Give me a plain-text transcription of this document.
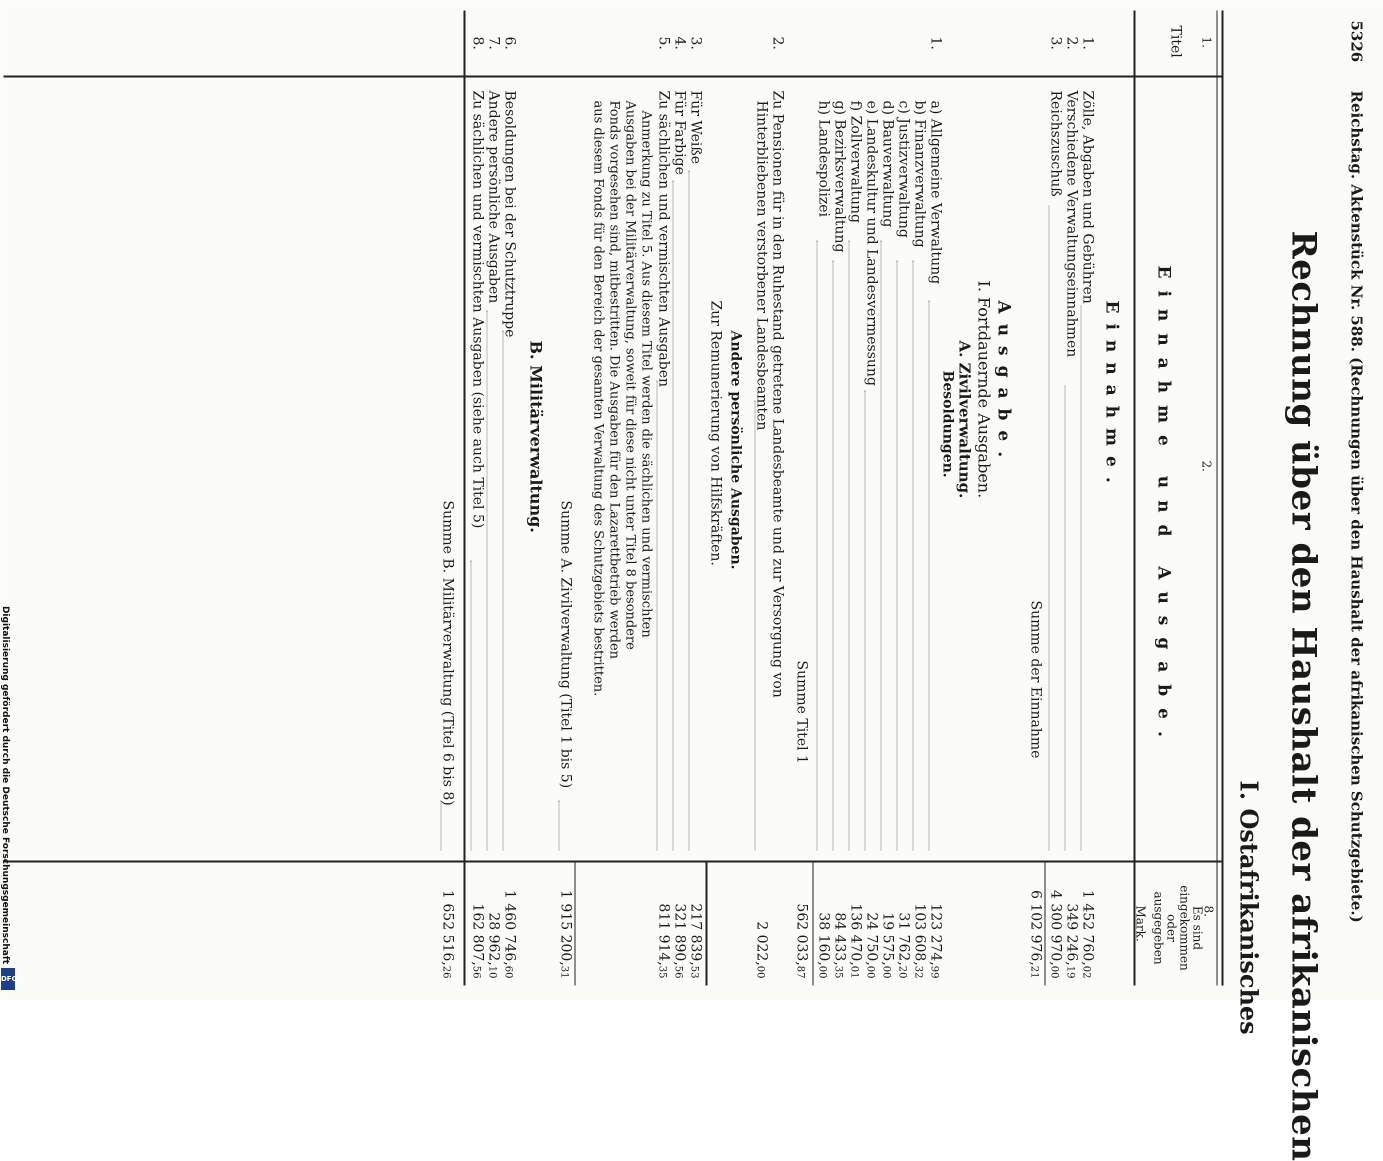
5326
Reichstag. Aktenstück Nr. 588. (Rechnungen über den Haushalt der afrikanischen Schutzgebiete.)
Rechnung über den Haushalt der afrikanischen
I. Ostafrikanisches
1.
Titel
2.
Einnahme und Ausgabe.
8.
Es sind
eingekommen
oder
ausgegeben
Mark.
Einnahme.
1.
Zölle, Abgaben und Gebühren
1 452 760,02
2.
Verschiedene Verwaltungseinnahmen
349 246,19
3.
Reichszuschuß
4 300 970,00
Summe der Einnahme
6 102 976,21
Ausgabe.
I. Fortdauernde Ausgaben.
A. Zivilverwaltung.
Besoldungen.
1.
a) Allgemeine Verwaltung
123 274,99
b) Finanzverwaltung
103 608,32
c) Justizverwaltung
31 762,20
d) Bauverwaltung
19 575,00
e) Landeskultur und Landesvermessung
24 750,00
f) Zollverwaltung
136 470,01
g) Bezirksverwaltung
84 433,35
h) Landespolizei
38 160,00
Summe Titel 1
562 033,87
2.
Zu Pensionen für in den Ruhestand getretene Landesbeamte und zur Versorgung von
Hinterbliebenen verstorbener Landesbeamten
2 022,00
Andere persönliche Ausgaben.
Zur Remunerierung von Hilfskräften.
3.
Für Weiße
217 839,53
4.
Für Farbige
321 890,56
5.
Zu sächlichen und vermischten Ausgaben
811 914,35
Anmerkung zu Titel 5. Aus diesem Titel werden die sächlichen und vermischten
Ausgaben bei der Militärverwaltung, soweit für diese nicht unter Titel 8 besondere
Fonds vorgesehen sind, mitbestritten. Die Ausgaben für den Lazarettbetrieb werden
aus diesem Fonds für den Bereich der gesamten Verwaltung des Schutzgebiets bestritten.
Summe A. Zivilverwaltung (Titel 1 bis 5)
1 915 200,31
B. Militärverwaltung.
6.
Besoldungen bei der Schutztruppe
1 460 746,60
7.
Andere persönliche Ausgaben
28 962,10
8.
Zu sächlichen und vermischten Ausgaben (siehe auch Titel 5)
162 807,56
Summe B. Militärverwaltung (Titel 6 bis 8)
1 652 516,26
Digitalisierung gefördert durch die Deutsche Forschungsgemeinschaft
DFG
